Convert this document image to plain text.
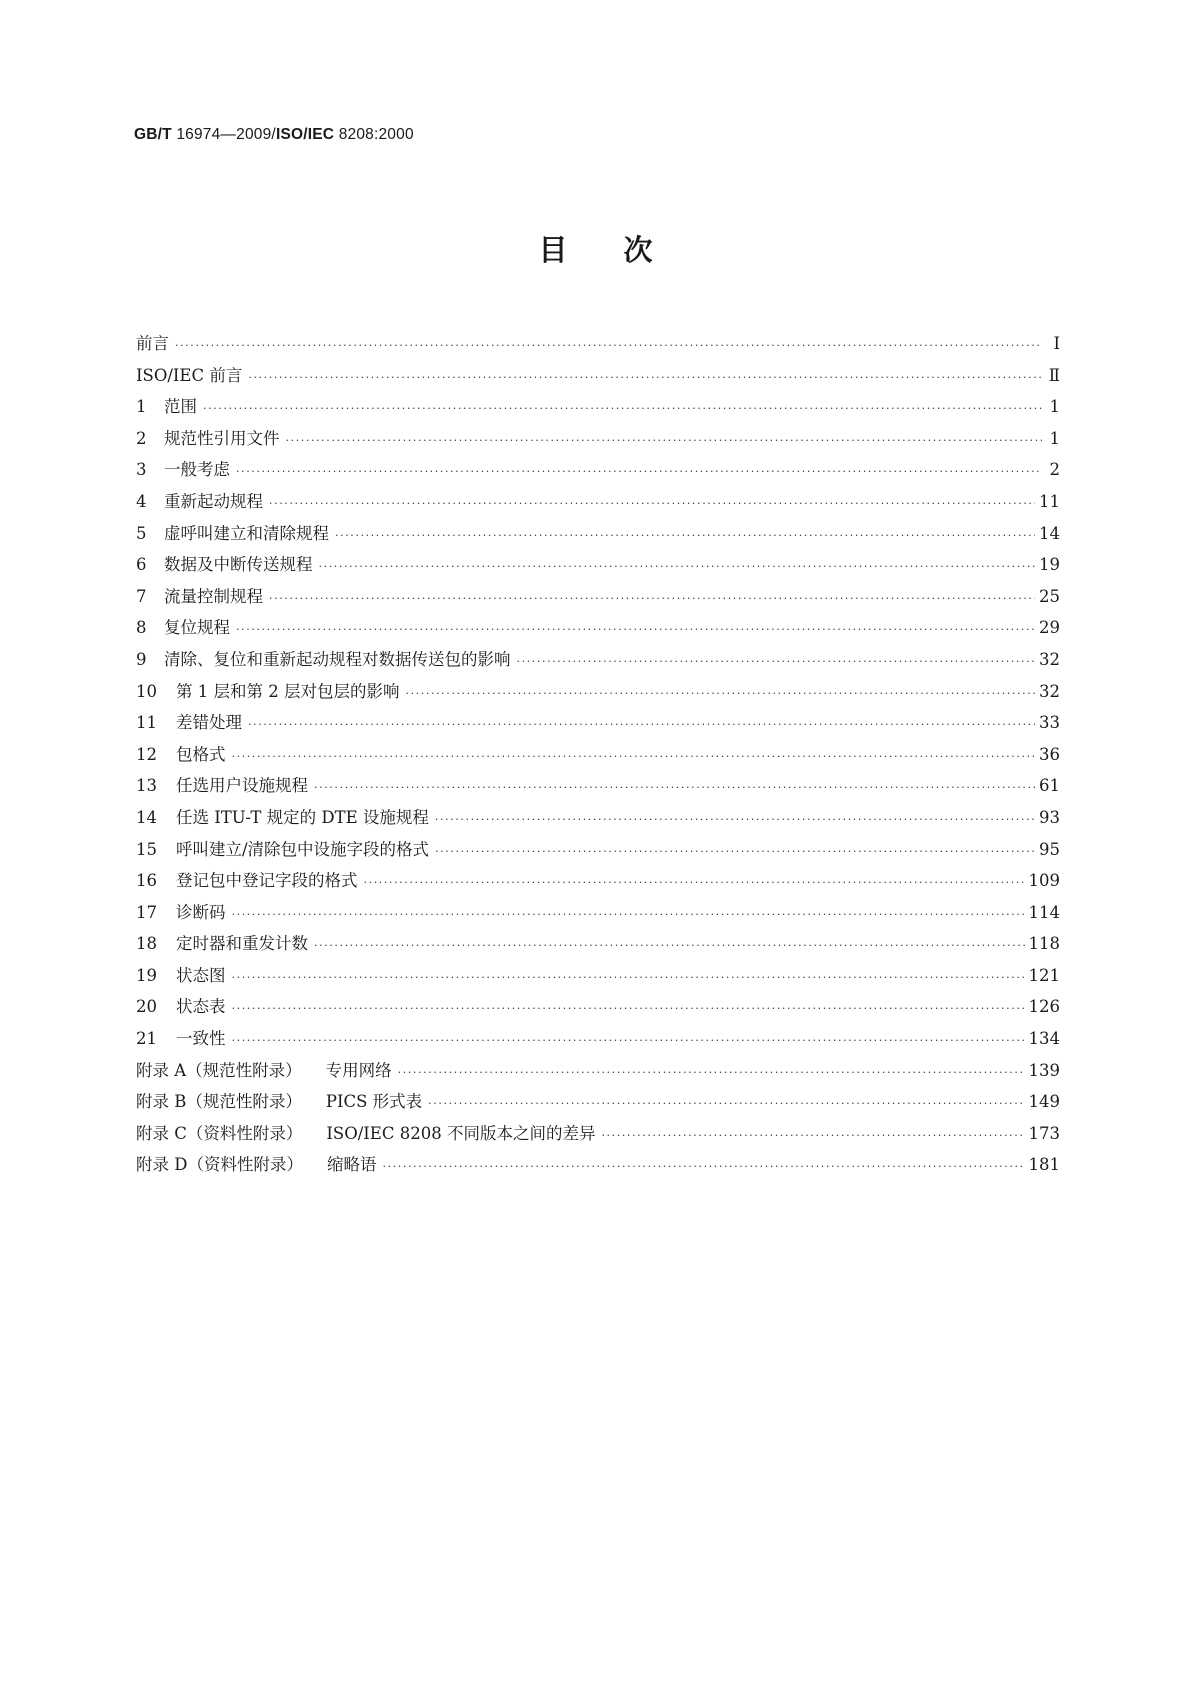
GB/T 16974—2009/ISO/IEC 8208:2000
目次
前言 ·····	Ⅰ
ISO/IEC 前言 ·····	Ⅱ
1	范围 ·····	1
2	规范性引用文件 ·····	1
3	一般考虑 ·····	2
4	重新起动规程 ·····	11
5	虚呼叫建立和清除规程 ·····	14
6	数据及中断传送规程 ·····	19
7	流量控制规程 ·····	25
8	复位规程 ·····	29
9	清除、复位和重新起动规程对数据传送包的影响 ·····	32
10	第 1 层和第 2 层对包层的影响 ·····	32
11	差错处理 ·····	33
12	包格式 ·····	36
13	任选用户设施规程 ·····	61
14	任选 ITU-T 规定的 DTE 设施规程 ·····	93
15	呼叫建立/清除包中设施字段的格式 ·····	95
16	登记包中登记字段的格式 ·····	109
17	诊断码 ·····	114
18	定时器和重发计数 ·····	118
19	状态图 ·····	121
20	状态表 ·····	126
21	一致性 ·····	134
附录 A（规范性附录） 专用网络 ·····	139
附录 B（规范性附录） PICS 形式表 ·····	149
附录 C（资料性附录） ISO/IEC 8208 不同版本之间的差异 ·····	173
附录 D（资料性附录） 缩略语 ·····	181
